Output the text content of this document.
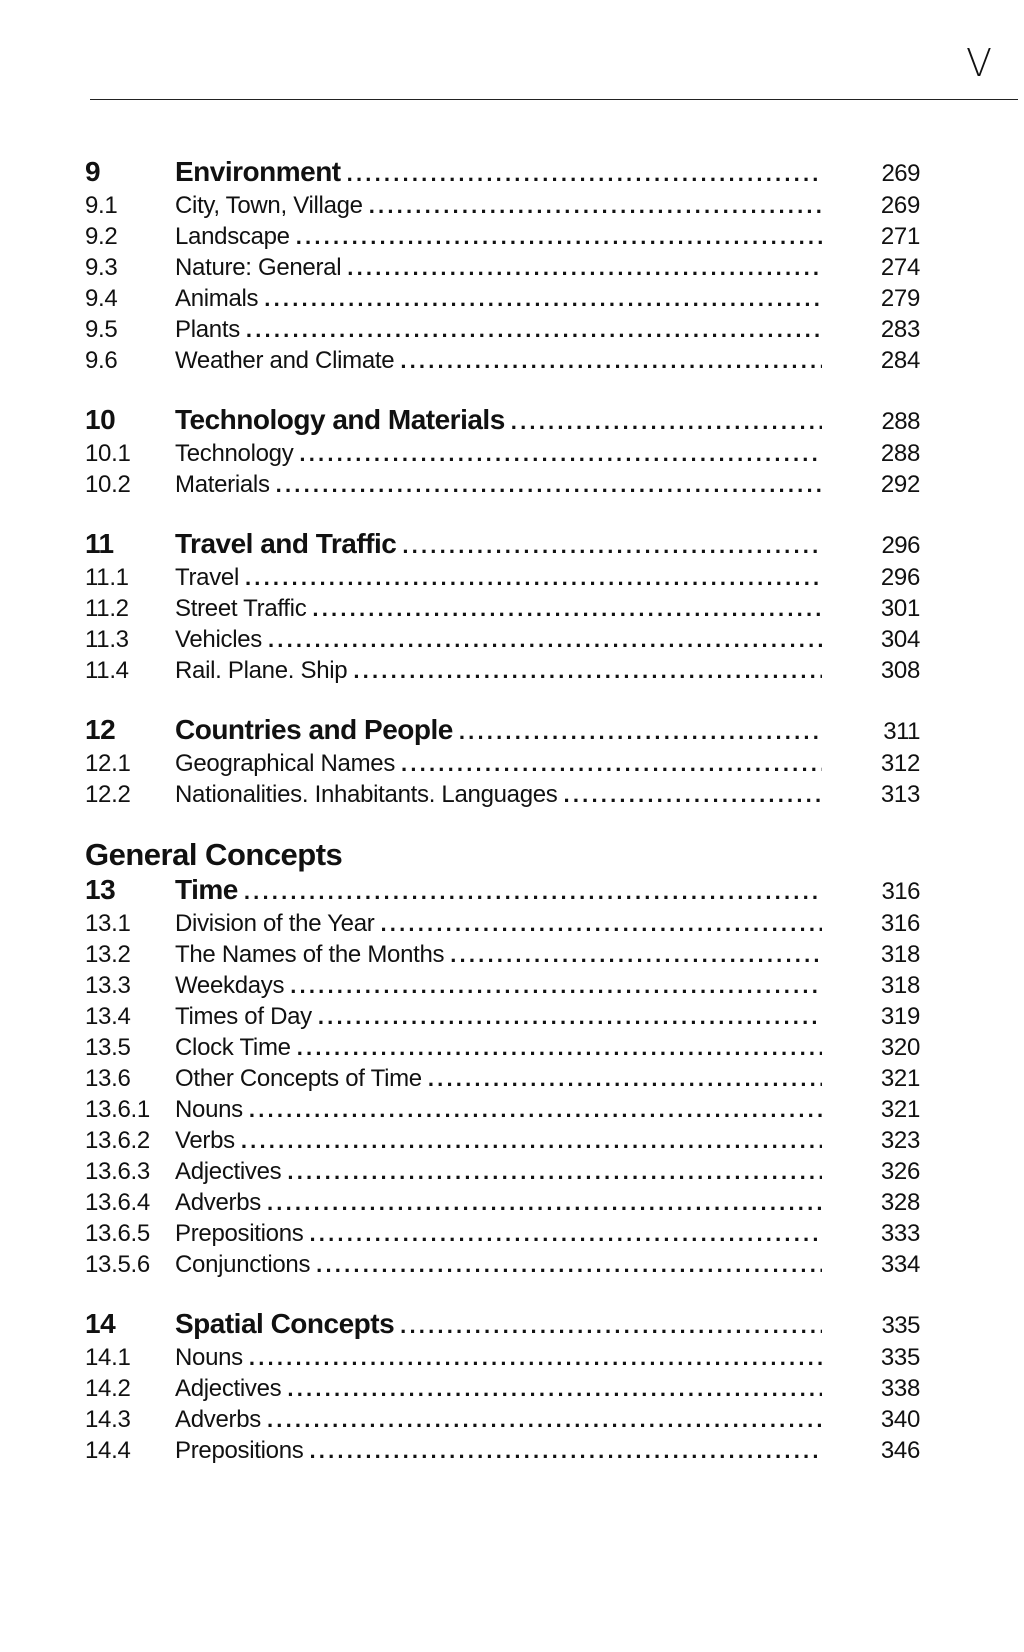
V
9	Environment .....	269
9.1	City, Town, Village .....	269
9.2	Landscape .....	271
9.3	Nature: General .....	274
9.4	Animals .....	279
9.5	Plants .....	283
9.6	Weather and Climate .....	284
10	Technology and Materials .....	288
10.1	Technology .....	288
10.2	Materials .....	292
11	Travel and Traffic .....	296
11.1	Travel .....	296
11.2	Street Traffic .....	301
11.3	Vehicles .....	304
11.4	Rail. Plane. Ship .....	308
12	Countries and People .....	311
12.1	Geographical Names .....	312
12.2	Nationalities. Inhabitants. Languages .....	313
General Concepts
13	Time .....	316
13.1	Division of the Year .....	316
13.2	The Names of the Months .....	318
13.3	Weekdays .....	318
13.4	Times of Day .....	319
13.5	Clock Time .....	320
13.6	Other Concepts of Time .....	321
13.6.1	Nouns .....	321
13.6.2	Verbs .....	323
13.6.3	Adjectives .....	326
13.6.4	Adverbs .....	328
13.6.5	Prepositions .....	333
13.5.6	Conjunctions .....	334
14	Spatial Concepts .....	335
14.1	Nouns .....	335
14.2	Adjectives .....	338
14.3	Adverbs .....	340
14.4	Prepositions .....	346
